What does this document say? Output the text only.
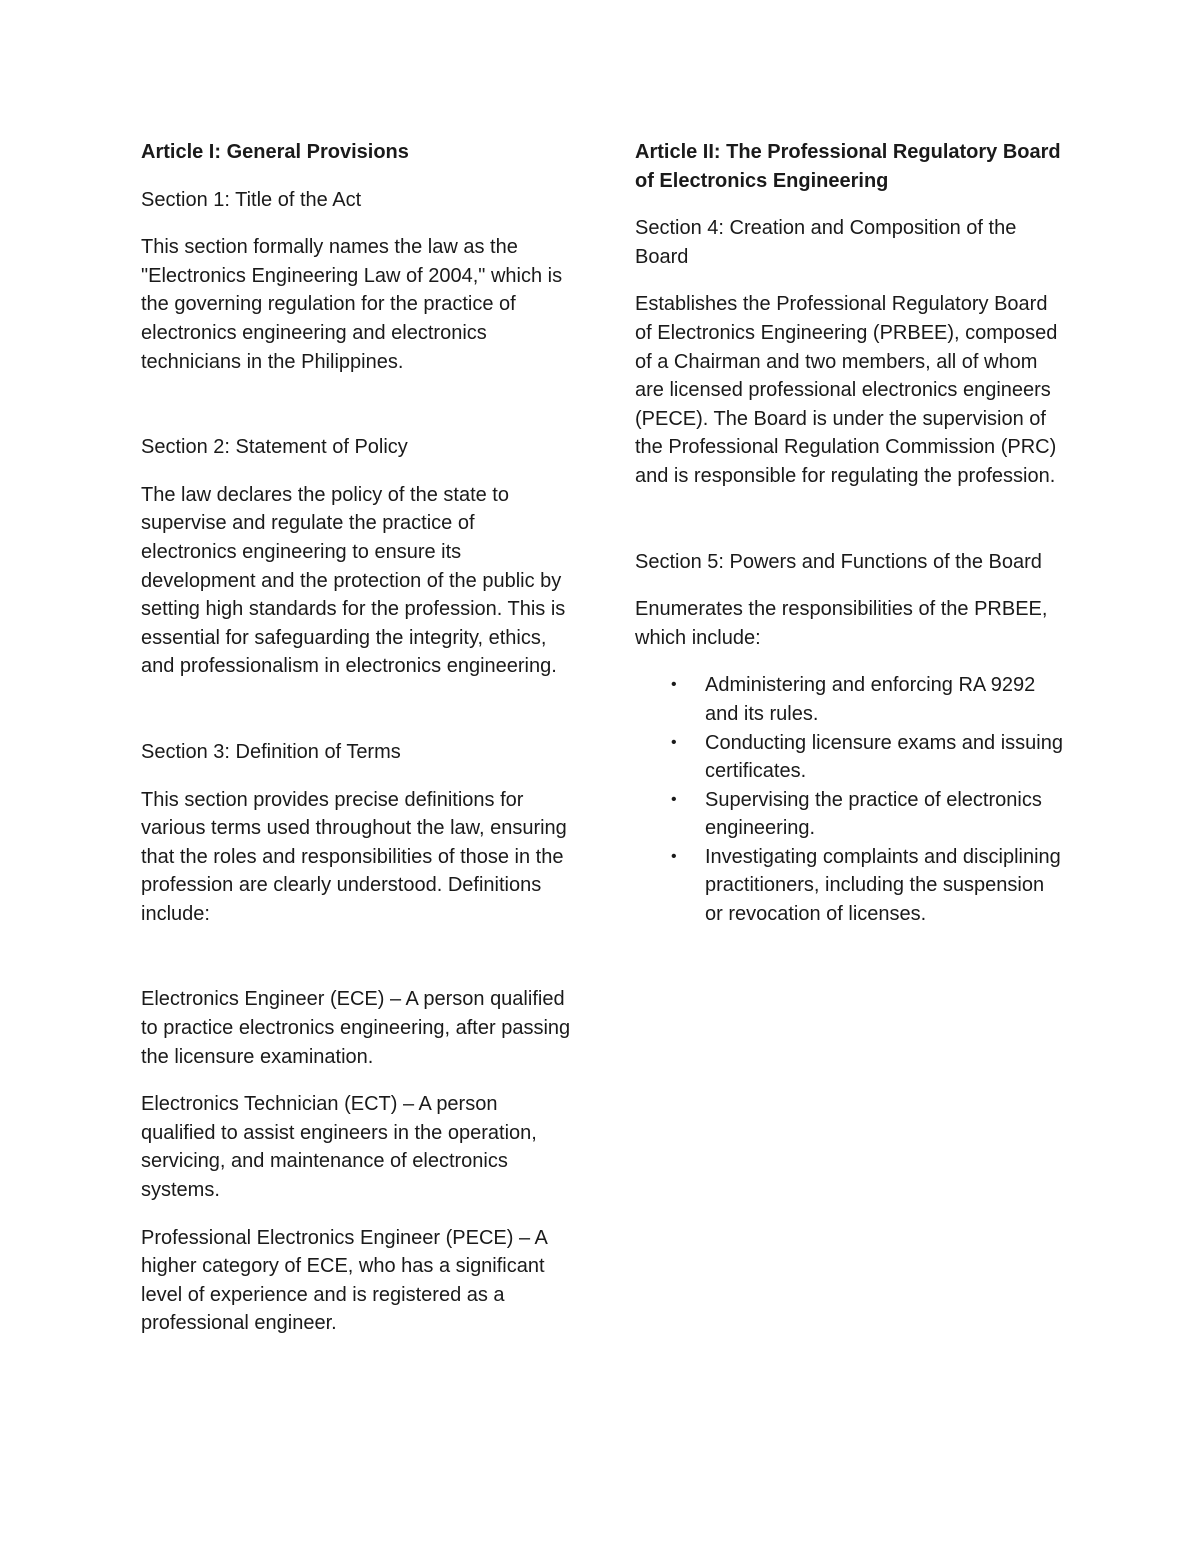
Article I: General Provisions

Section 1: Title of the Act

This section formally names the law as the "Electronics Engineering Law of 2004," which is the governing regulation for the practice of electronics engineering and electronics technicians in the Philippines.

Section 2: Statement of Policy

The law declares the policy of the state to supervise and regulate the practice of electronics engineering to ensure its development and the protection of the public by setting high standards for the profession. This is essential for safeguarding the integrity, ethics, and professionalism in electronics engineering.

Section 3: Definition of Terms

This section provides precise definitions for various terms used throughout the law, ensuring that the roles and responsibilities of those in the profession are clearly understood. Definitions include:

Electronics Engineer (ECE) – A person qualified to practice electronics engineering, after passing the licensure examination.

Electronics Technician (ECT) – A person qualified to assist engineers in the operation, servicing, and maintenance of electronics systems.

Professional Electronics Engineer (PECE) – A higher category of ECE, who has a significant level of experience and is registered as a professional engineer.

Article II: The Professional Regulatory Board of Electronics Engineering

Section 4: Creation and Composition of the Board

Establishes the Professional Regulatory Board of Electronics Engineering (PRBEE), composed of a Chairman and two members, all of whom are licensed professional electronics engineers (PECE). The Board is under the supervision of the Professional Regulation Commission (PRC) and is responsible for regulating the profession.

Section 5: Powers and Functions of the Board

Enumerates the responsibilities of the PRBEE, which include:

• Administering and enforcing RA 9292 and its rules.
• Conducting licensure exams and issuing certificates.
• Supervising the practice of electronics engineering.
• Investigating complaints and disciplining practitioners, including the suspension or revocation of licenses.
